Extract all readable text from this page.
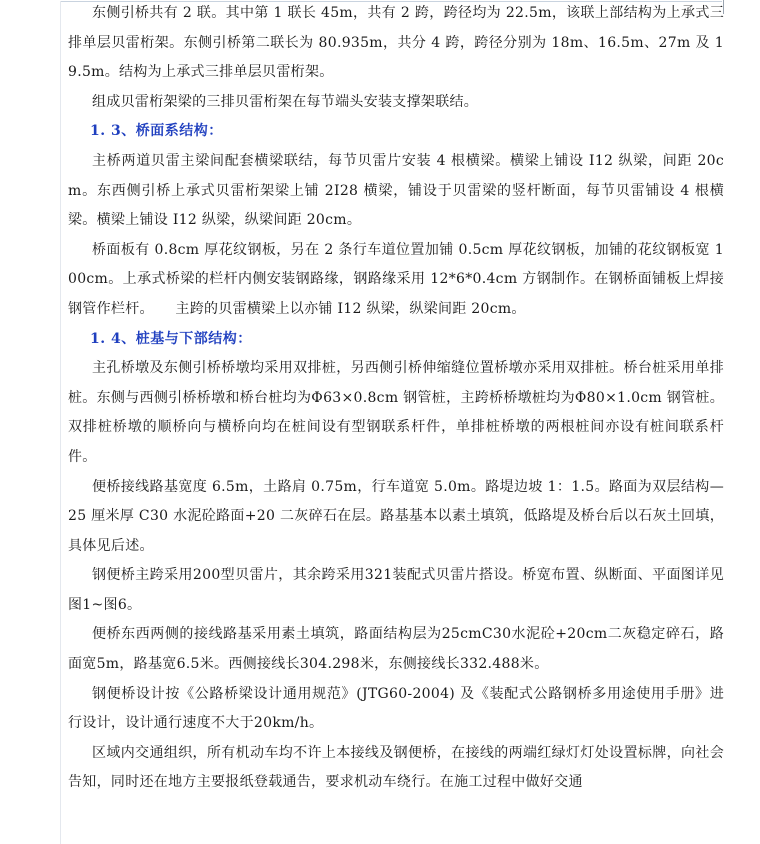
东侧引桥共有 2 联。其中第 1 联长 45m，共有 2 跨，跨径均为 22.5m，该联上部结构为上承式三排单层贝雷桁架。东侧引桥第二联长为 80.935m，共分 4 跨，跨径分别为 18m、16.5m、27m 及 19.5m。结构为上承式三排单层贝雷桁架。

组成贝雷桁架梁的三排贝雷桁架在每节端头安装支撑架联结。

1. 3、桥面系结构：

主桥两道贝雷主梁间配套横梁联结，每节贝雷片安装 4 根横梁。横梁上铺设 I12 纵梁，间距 20cm。东西侧引桥上承式贝雷桁架梁上铺 2I28 横梁，铺设于贝雷梁的竖杆断面，每节贝雷铺设 4 根横梁。横梁上铺设 I12 纵梁，纵梁间距 20cm。

桥面板有 0.8cm 厚花纹钢板，另在 2 条行车道位置加铺 0.5cm 厚花纹钢板，加铺的花纹钢板宽 100cm。上承式桥梁的栏杆内侧安装钢路缘，钢路缘采用 12*6*0.4cm 方钢制作。在钢桥面铺板上焊接钢管作栏杆。　　主跨的贝雷横梁上以亦铺 I12 纵梁，纵梁间距 20cm。

1. 4、桩基与下部结构：

主孔桥墩及东侧引桥桥墩均采用双排桩，另西侧引桥伸缩缝位置桥墩亦采用双排桩。桥台桩采用单排桩。东侧与西侧引桥桥墩和桥台桩均为Φ63×0.8cm 钢管桩，主跨桥桥墩桩均为Φ80×1.0cm 钢管桩。双排桩桥墩的顺桥向与横桥向均在桩间设有型钢联系杆件，单排桩桥墩的两根桩间亦设有桩间联系杆件。

便桥接线路基宽度 6.5m，土路肩 0.75m，行车道宽 5.0m。路堤边坡 1：1.5。路面为双层结构—25 厘米厚 C30 水泥砼路面+20 二灰碎石在层。路基基本以素土填筑，低路堤及桥台后以石灰土回填，具体见后述。

钢便桥主跨采用200型贝雷片，其余跨采用321装配式贝雷片搭设。桥宽布置、纵断面、平面图详见图1~图6。

便桥东西两侧的接线路基采用素土填筑，路面结构层为25cmC30水泥砼+20cm二灰稳定碎石，路面宽5m，路基宽6.5米。西侧接线长304.298米，东侧接线长332.488米。

钢便桥设计按《公路桥梁设计通用规范》(JTG60-2004) 及《装配式公路钢桥多用途使用手册》进行设计，设计通行速度不大于20km/h。

区域内交通组织，所有机动车均不许上本接线及钢便桥，在接线的两端红绿灯灯处设置标牌，向社会告知，同时还在地方主要报纸登载通告，要求机动车绕行。在施工过程中做好交通
